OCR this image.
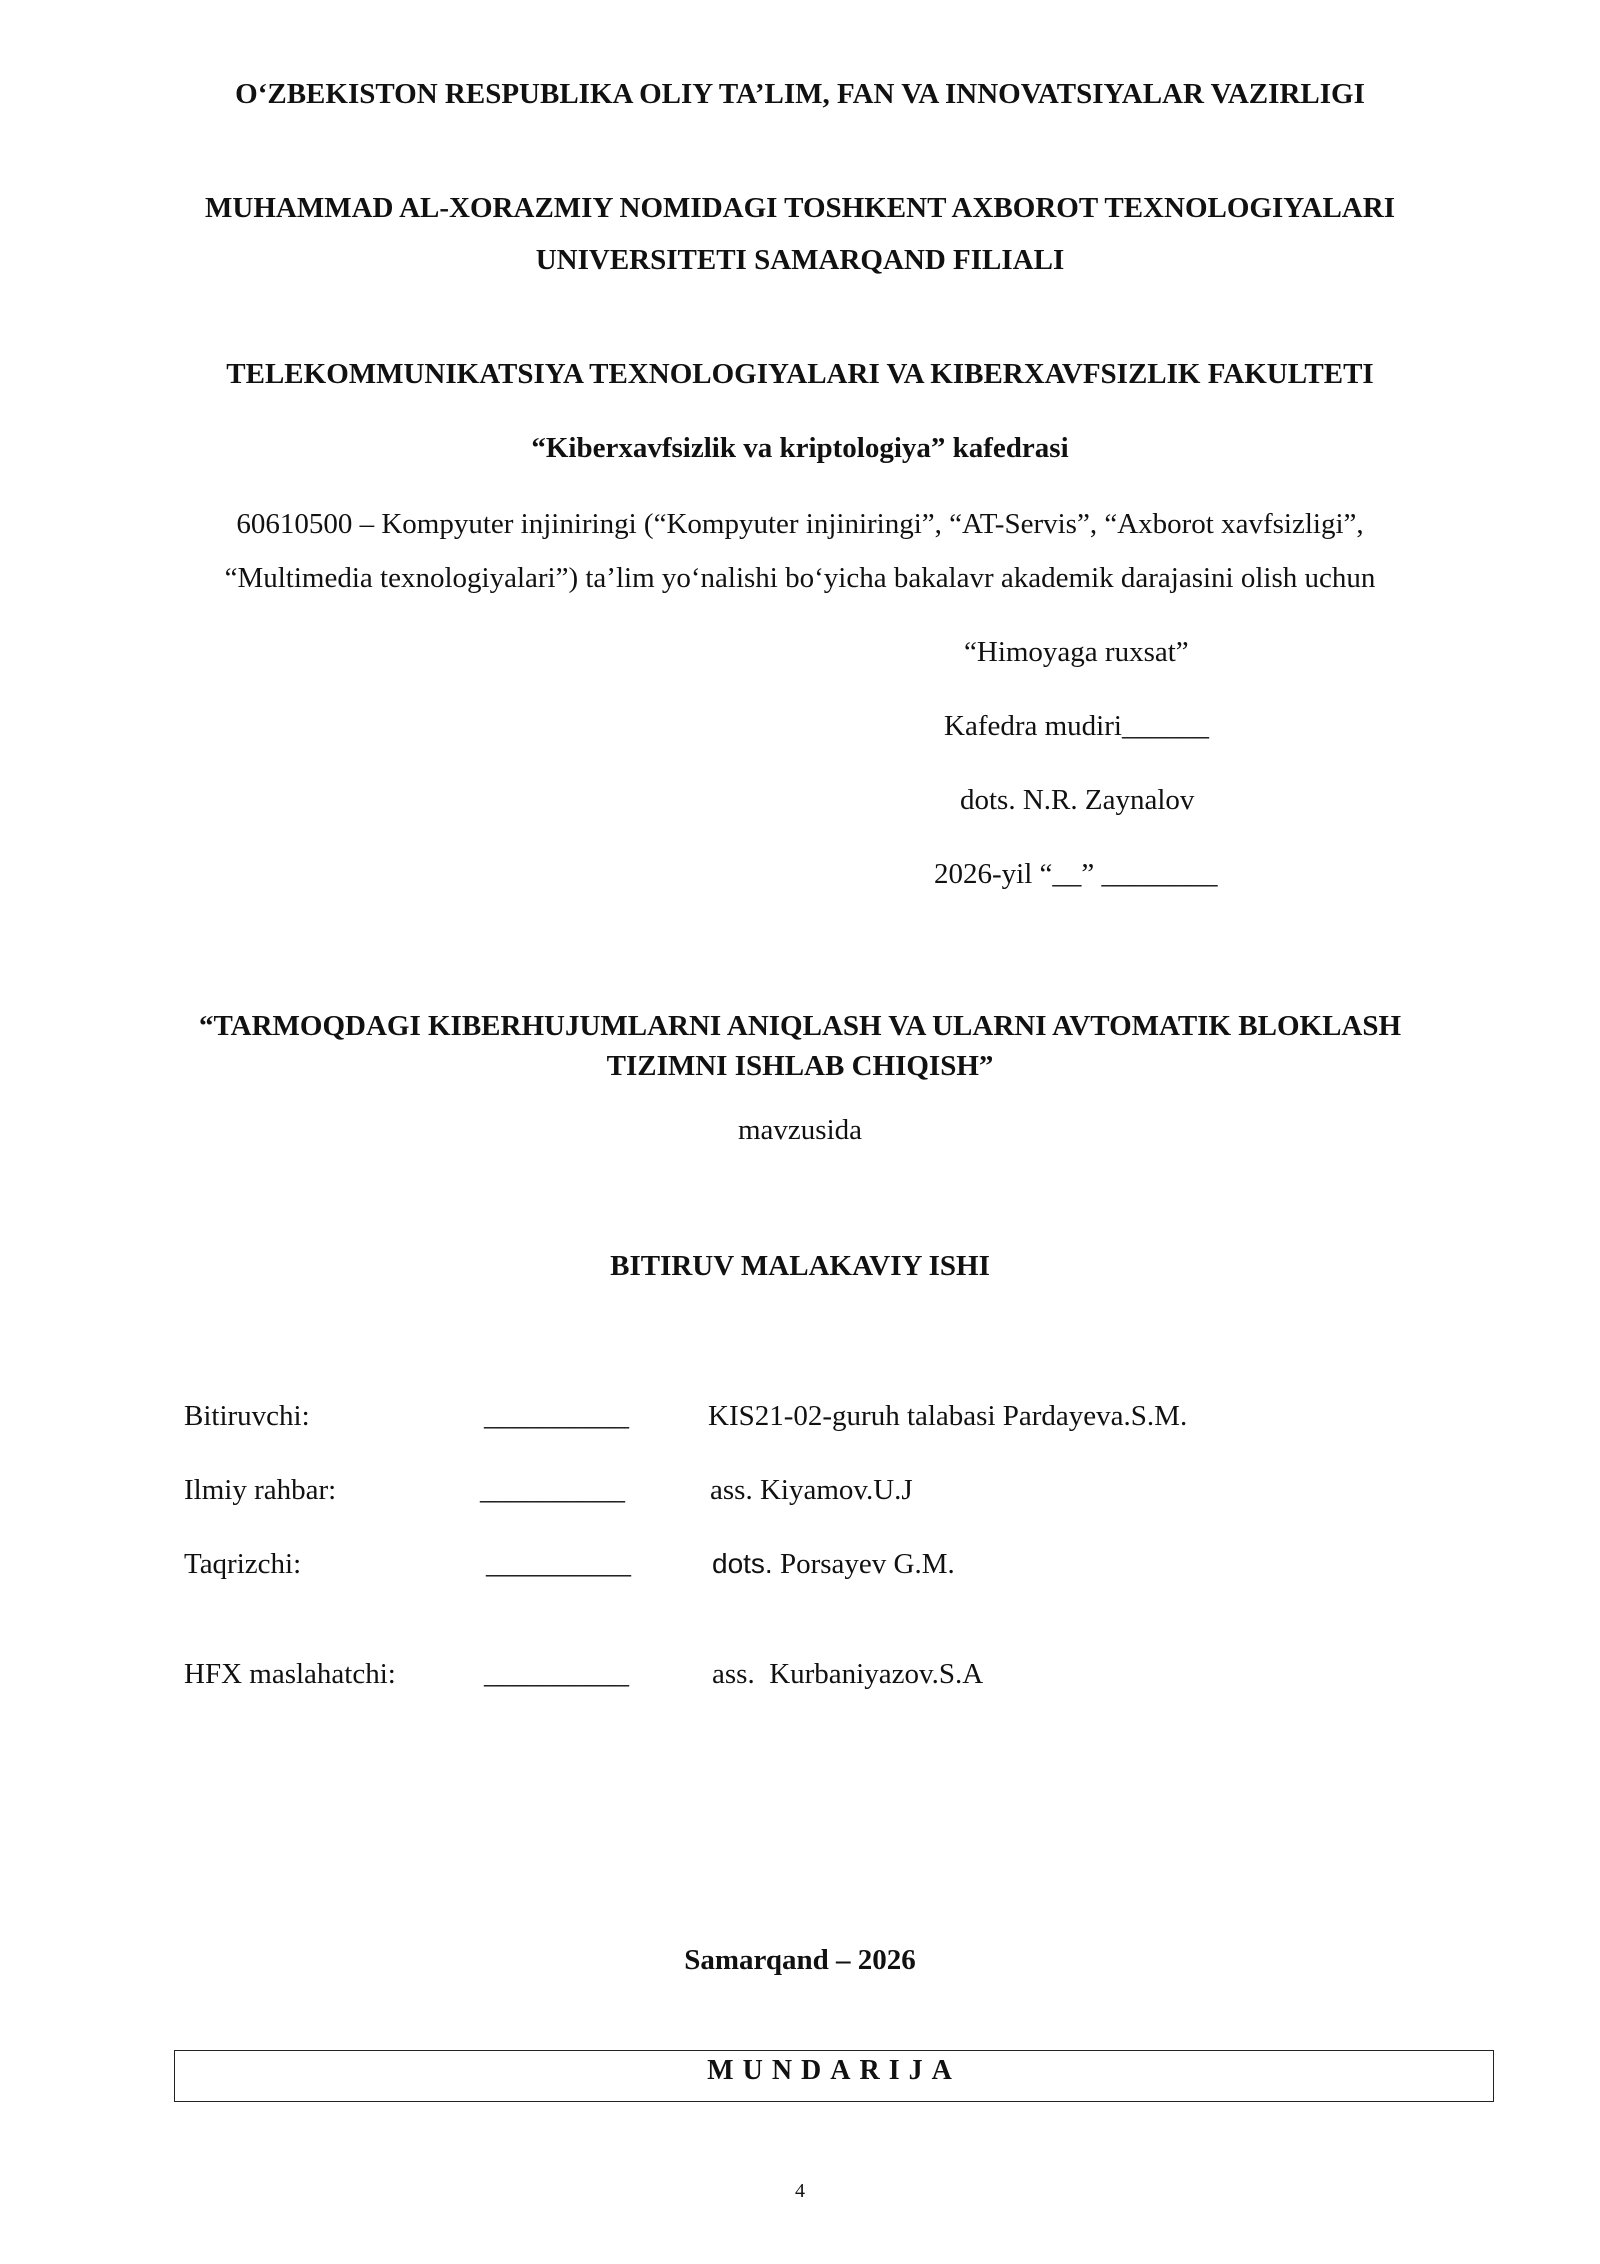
O‘ZBEKISTON RESPUBLIKA OLIY TA’LIM, FAN VA INNOVATSIYALAR VAZIRLIGI
MUHAMMAD AL-XORAZMIY NOMIDAGI TOSHKENT AXBOROT TEXNOLOGIYALARI
UNIVERSITETI SAMARQAND FILIALI
TELEKOMMUNIKATSIYA TEXNOLOGIYALARI VA KIBERXAVFSIZLIK FAKULTETI
“Kiberxavfsizlik va kriptologiya” kafedrasi
60610500 – Kompyuter injiniringi (“Kompyuter injiniringi”, “AT-Servis”, “Axborot xavfsizligi”,
“Multimedia texnologiyalari”) ta’lim yo‘nalishi bo‘yicha bakalavr akademik darajasini olish uchun
“Himoyaga ruxsat”
Kafedra mudiri______
dots. N.R. Zaynalov
2026-yil “__” ________
“TARMOQDAGI KIBERHUJUMLARNI ANIQLASH VA ULARNI AVTOMATIK BLOKLASH
TIZIMNI ISHLAB CHIQISH”
mavzusida
BITIRUV MALAKAVIY ISHI
Bitiruvchi:	__________	KIS21-02-guruh talabasi Pardayeva.S.M.
Ilmiy rahbar:	__________	ass. Kiyamov.U.J
Taqrizchi:	__________	dots. Porsayev G.M.
HFX maslahatchi:	__________	ass.  Kurbaniyazov.S.A
Samarqand – 2026
MUNDARIJA
4
